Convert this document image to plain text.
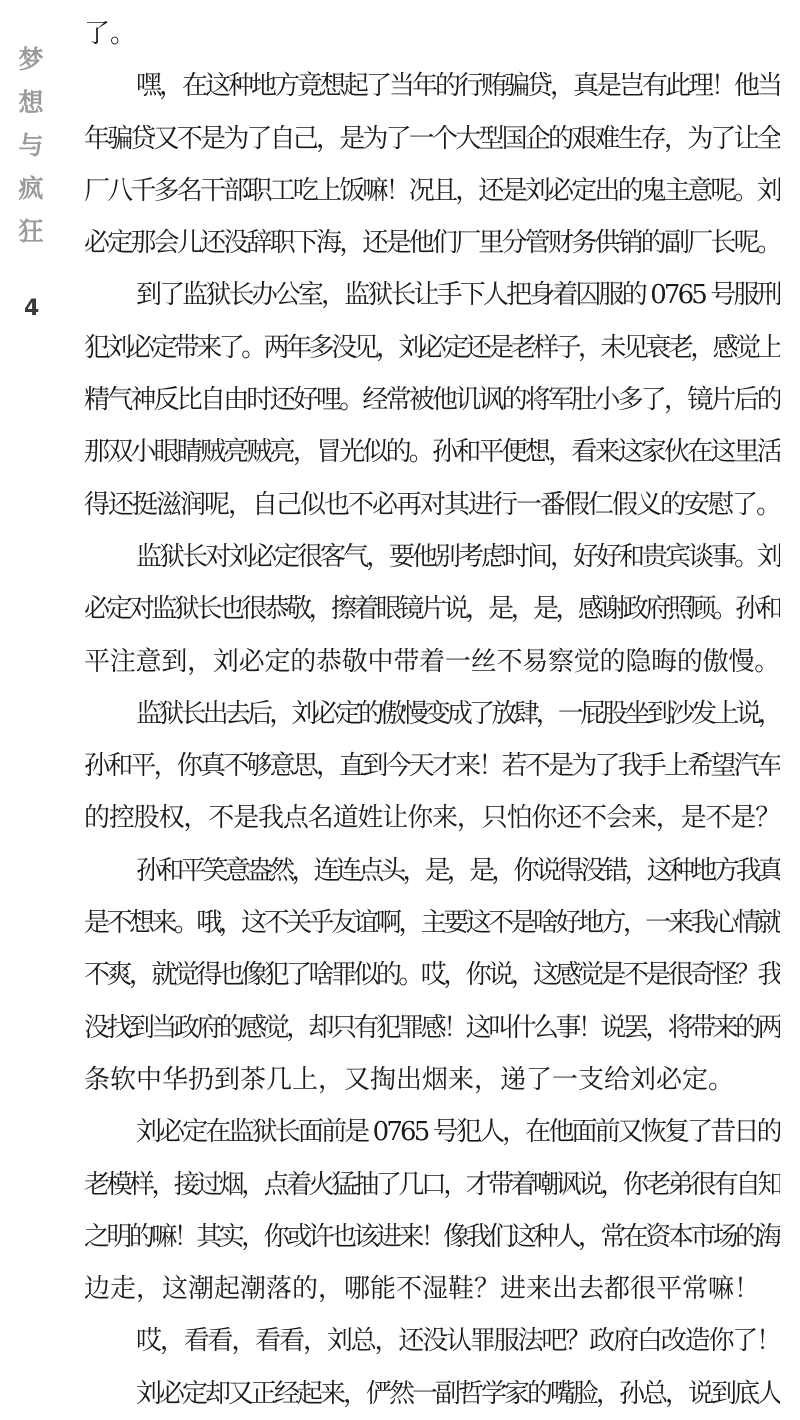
梦
想
与
疯
狂
4
了。
嘿，在这种地方竟想起了当年的行贿骗贷，真是岂有此理！他当
年骗贷又不是为了自己，是为了一个大型国企的艰难生存，为了让全
厂八千多名干部职工吃上饭嘛！况且，还是刘必定出的鬼主意呢。刘
必定那会儿还没辞职下海，还是他们厂里分管财务供销的副厂长呢。
到了监狱长办公室，监狱长让手下人把身着囚服的 0765 号服刑
犯刘必定带来了。两年多没见，刘必定还是老样子，未见衰老，感觉上
精气神反比自由时还好哩。经常被他讥讽的将军肚小多了，镜片后的
那双小眼睛贼亮贼亮，冒光似的。孙和平便想，看来这家伙在这里活
得还挺滋润呢，自己似也不必再对其进行一番假仁假义的安慰了。
监狱长对刘必定很客气，要他别考虑时间，好好和贵宾谈事。刘
必定对监狱长也很恭敬，擦着眼镜片说，是，是，感谢政府照顾。孙和
平注意到，刘必定的恭敬中带着一丝不易察觉的隐晦的傲慢。
监狱长出去后，刘必定的傲慢变成了放肆，一屁股坐到沙发上说，
孙和平，你真不够意思，直到今天才来！若不是为了我手上希望汽车
的控股权，不是我点名道姓让你来，只怕你还不会来，是不是？
孙和平笑意盎然，连连点头，是，是，你说得没错，这种地方我真
是不想来。哦，这不关乎友谊啊，主要这不是啥好地方，一来我心情就
不爽，就觉得也像犯了啥罪似的。哎，你说，这感觉是不是很奇怪？我
没找到当政府的感觉，却只有犯罪感！这叫什么事！说罢，将带来的两
条软中华扔到茶几上，又掏出烟来，递了一支给刘必定。
刘必定在监狱长面前是 0765 号犯人，在他面前又恢复了昔日的
老模样，接过烟，点着火猛抽了几口，才带着嘲讽说，你老弟很有自知
之明的嘛！其实，你或许也该进来！像我们这种人，常在资本市场的海
边走，这潮起潮落的，哪能不湿鞋？进来出去都很平常嘛！
哎，看看，看看，刘总，还没认罪服法吧？政府白改造你了！
刘必定却又正经起来，俨然一副哲学家的嘴脸，孙总，说到底人
